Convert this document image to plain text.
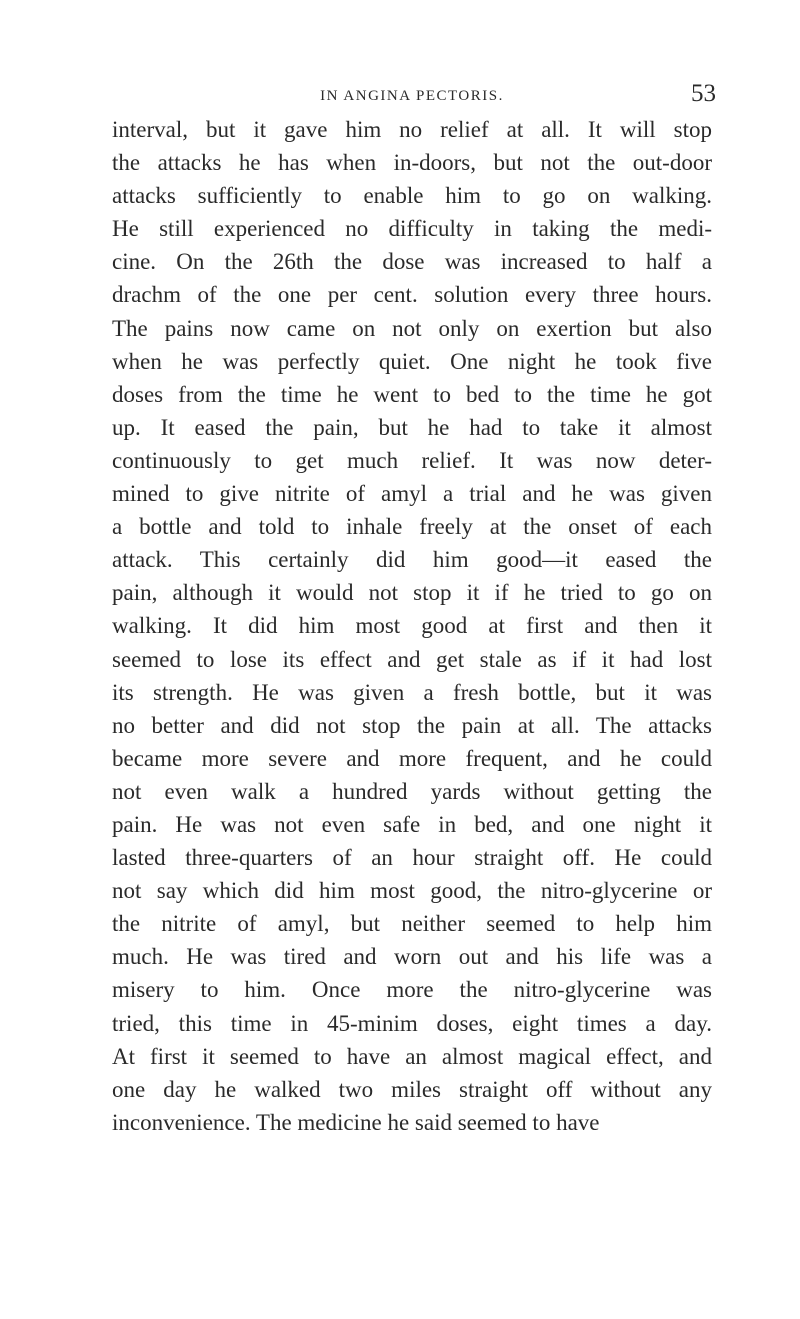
IN ANGINA PECTORIS.	53
interval, but it gave him no relief at all. It will stop
the attacks he has when in-doors, but not the out-door
attacks sufficiently to enable him to go on walking.
He still experienced no difficulty in taking the medi-
cine. On the 26th the dose was increased to half a
drachm of the one per cent. solution every three hours.
The pains now came on not only on exertion but also
when he was perfectly quiet. One night he took five
doses from the time he went to bed to the time he got
up. It eased the pain, but he had to take it almost
continuously to get much relief. It was now deter-
mined to give nitrite of amyl a trial and he was given
a bottle and told to inhale freely at the onset of each
attack. This certainly did him good—it eased the
pain, although it would not stop it if he tried to go on
walking. It did him most good at first and then it
seemed to lose its effect and get stale as if it had lost
its strength. He was given a fresh bottle, but it was
no better and did not stop the pain at all. The attacks
became more severe and more frequent, and he could
not even walk a hundred yards without getting the
pain. He was not even safe in bed, and one night it
lasted three-quarters of an hour straight off. He could
not say which did him most good, the nitro-glycerine or
the nitrite of amyl, but neither seemed to help him
much. He was tired and worn out and his life was a
misery to him. Once more the nitro-glycerine was
tried, this time in 45-minim doses, eight times a day.
At first it seemed to have an almost magical effect, and
one day he walked two miles straight off without any
inconvenience. The medicine he said seemed to have
